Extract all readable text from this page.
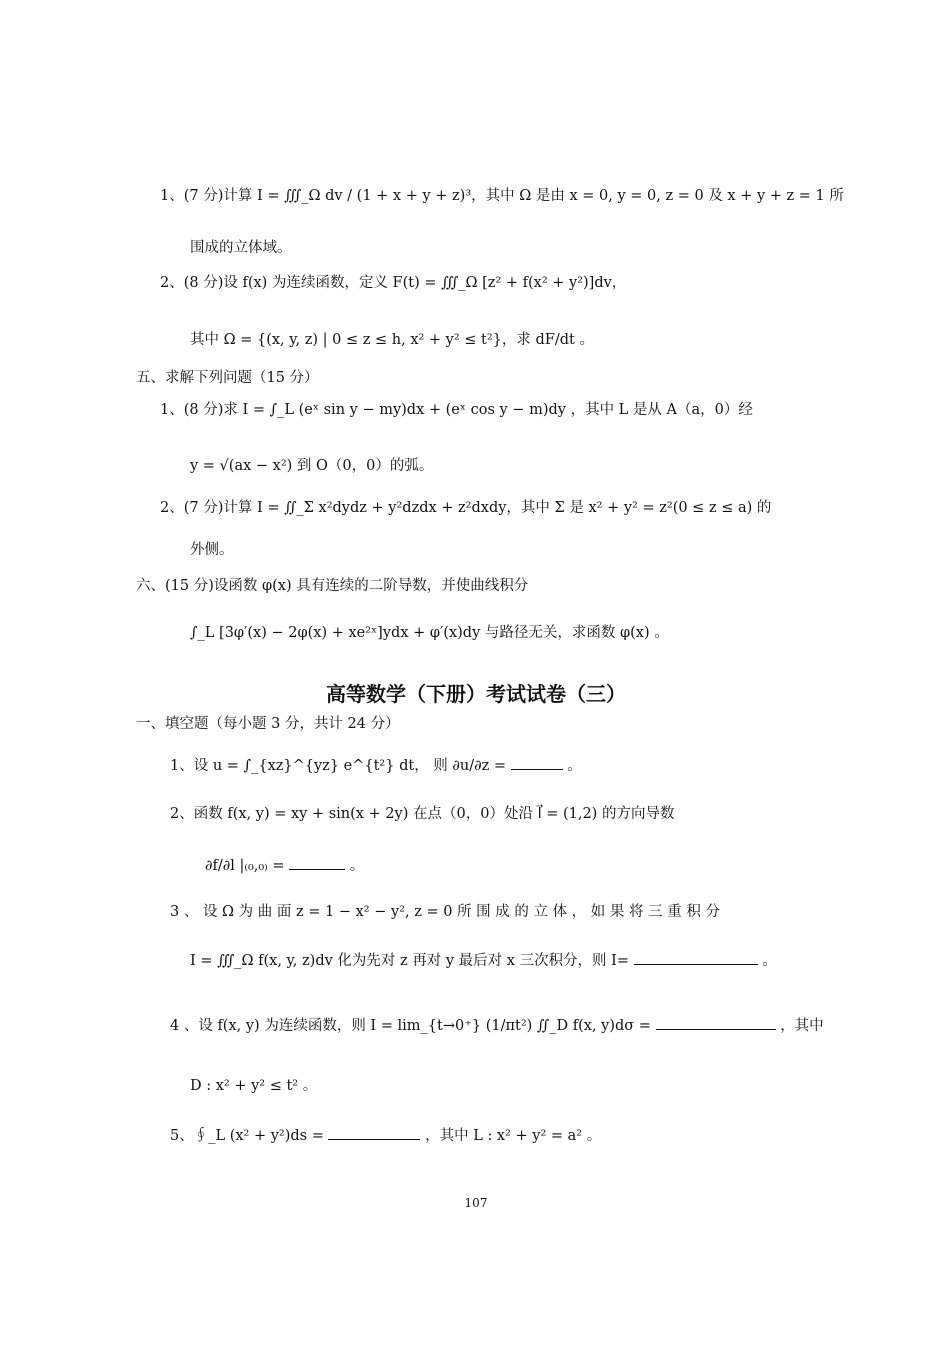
1、(7 分)计算 I = ∭_Ω dv / (1 + x + y + z)³，其中 Ω 是由 x = 0, y = 0, z = 0 及 x + y + z = 1 所
围成的立体域。
2、(8 分)设 f(x) 为连续函数，定义 F(t) = ∭_Ω [z² + f(x² + y²)]dv，
其中 Ω = {(x, y, z) | 0 ≤ z ≤ h, x² + y² ≤ t²}，求 dF/dt 。
五、求解下列问题（15 分）
1、(8 分)求 I = ∫_L (eˣ sin y − my)dx + (eˣ cos y − m)dy ，其中 L 是从 A（a，0）经
y = √(ax − x²) 到 O（0，0）的弧。
2、(7 分)计算 I = ∬_Σ x²dydz + y²dzdx + z²dxdy，其中 Σ 是 x² + y² = z²(0 ≤ z ≤ a) 的
外侧。
六、(15 分)设函数 φ(x) 具有连续的二阶导数，并使曲线积分
∫_L [3φ′(x) − 2φ(x) + xe²ˣ]ydx + φ′(x)dy 与路径无关，求函数 φ(x) 。
高等数学（下册）考试试卷（三）
一、填空题（每小题 3 分，共计 24 分）
1、设 u = ∫_{xz}^{yz} e^{t²} dt， 则 ∂u/∂z =	。
2、函数 f(x, y) = xy + sin(x + 2y) 在点（0，0）处沿 l⃗ = (1,2) 的方向导数
∂f/∂l |₍₀,₀₎ =	。
3 、 设 Ω 为 曲 面 z = 1 − x² − y², z = 0 所 围 成 的 立 体 ， 如 果 将 三 重 积 分
I = ∭_Ω f(x, y, z)dv 化为先对 z 再对 y 最后对 x 三次积分，则 I=	。
4 、设 f(x, y) 为连续函数，则 I = lim_{t→0⁺} (1/πt²) ∬_D f(x, y)dσ =	，其中
D : x² + y² ≤ t² 。
5、∮_L (x² + y²)ds =	，其中 L : x² + y² = a² 。
107
